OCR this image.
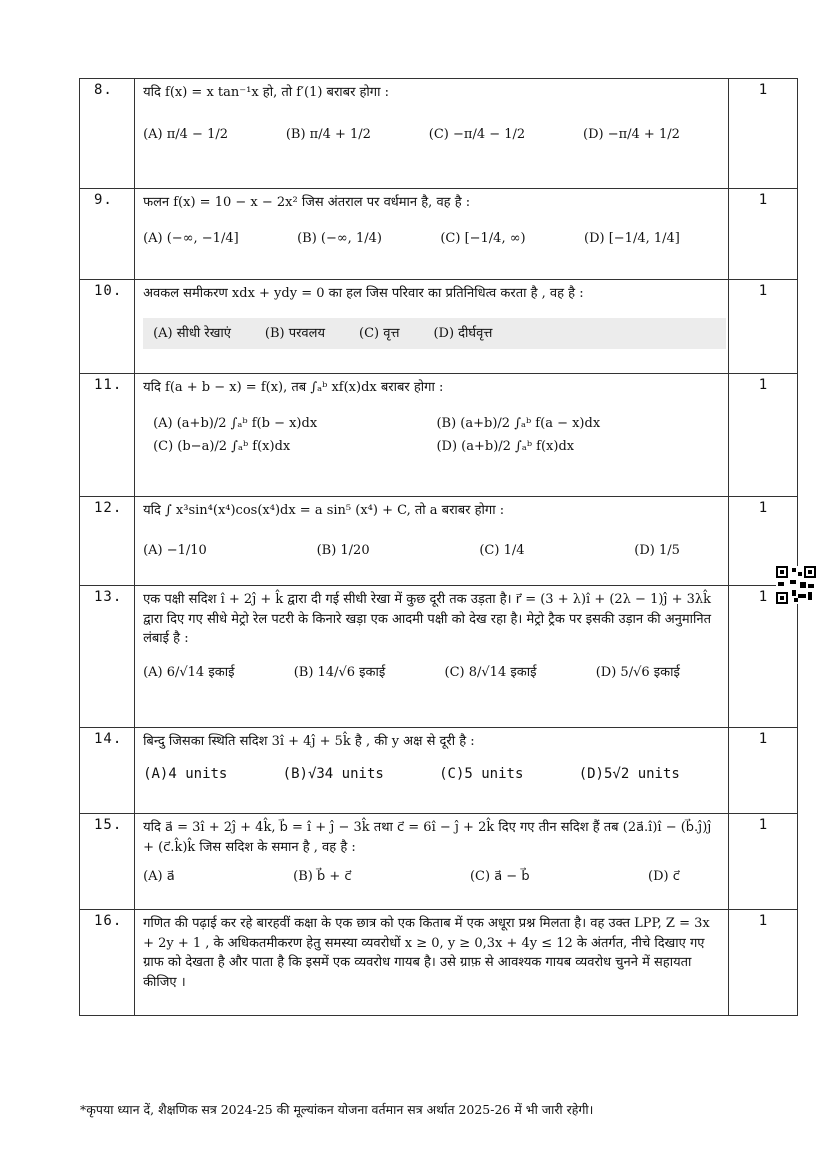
8.	यदि f(x) = x tan⁻¹x हो, तो f′(1) बराबर होगा :
(A) π/4 − 1/2 (B) π/4 + 1/2 (C) −π/4 − 1/2 (D) −π/4 + 1/2	1

9.	फलन f(x) = 10 − x − 2x² जिस अंतराल पर वर्धमान है, वह है :
(A) (−∞, −1/4] (B) (−∞, 1/4) (C) [−1/4, ∞) (D) [−1/4, 1/4]	1

10.	अवकल समीकरण xdx + ydy = 0 का हल जिस परिवार का प्रतिनिधित्व करता है , वह है :
(A) सीधी रेखाएं (B) परवलय (C) वृत्त (D) दीर्घवृत्त	1

11.	यदि f(a + b − x) = f(x), तब ∫ₐᵇ xf(x)dx बराबर होगा :
(A) (a+b)/2 ∫ₐᵇ f(b − x)dx (B) (a+b)/2 ∫ₐᵇ f(a − x)dx
(C) (b−a)/2 ∫ₐᵇ f(x)dx (D) (a+b)/2 ∫ₐᵇ f(x)dx	1

12.	यदि ∫ x³sin⁴(x⁴)cos(x⁴)dx = a sin⁵ (x⁴) + C, तो a बराबर होगा :
(A) −1/10 (B) 1/20 (C) 1/4 (D) 1/5	1

13.	एक पक्षी सदिश î + 2ĵ + k̂ द्वारा दी गई सीधी रेखा में कुछ दूरी तक उड़ता है। r⃗ = (3 + λ)î + (2λ − 1)ĵ + 3λk̂ द्वारा दिए गए सीधे मेट्रो रेल पटरी के किनारे खड़ा एक आदमी पक्षी को देख रहा है। मेट्रो ट्रैक पर इसकी उड़ान की अनुमानित लंबाई है :
(A) 6/√14 इकाई (B) 14/√6 इकाई (C) 8/√14 इकाई (D) 5/√6 इकाई	1

14.	बिन्दु जिसका स्थिति सदिश 3î + 4ĵ + 5k̂ है , की y अक्ष से दूरी है :
(A)4 units (B)√34 units (C)5 units (D)5√2 units	1

15.	यदि a⃗ = 3î + 2ĵ + 4k̂, b⃗ = î + ĵ − 3k̂ तथा c⃗ = 6î − ĵ + 2k̂ दिए गए तीन सदिश हैं तब (2a⃗.î)î − (b⃗.ĵ)ĵ + (c⃗.k̂)k̂ जिस सदिश के समान है , वह है :
(A) a⃗ (B) b⃗ + c⃗ (C) a⃗ − b⃗ (D) c⃗	1

16.	गणित की पढ़ाई कर रहे बारहवीं कक्षा के एक छात्र को एक किताब में एक अधूरा प्रश्न मिलता है। वह उक्त LPP, Z = 3x + 2y + 1 , के अधिकतमीकरण हेतु समस्या व्यवरोधों x ≥ 0, y ≥ 0,3x + 4y ≤ 12 के अंतर्गत, नीचे दिखाए गए ग्राफ को देखता है और पाता है कि इसमें एक व्यवरोध गायब है। उसे ग्राफ़ से आवश्यक गायब व्यवरोध चुनने में सहायता कीजिए ।	1
*कृपया ध्यान दें, शैक्षणिक सत्र 2024-25 की मूल्यांकन योजना वर्तमान सत्र अर्थात 2025-26 में भी जारी रहेगी।
